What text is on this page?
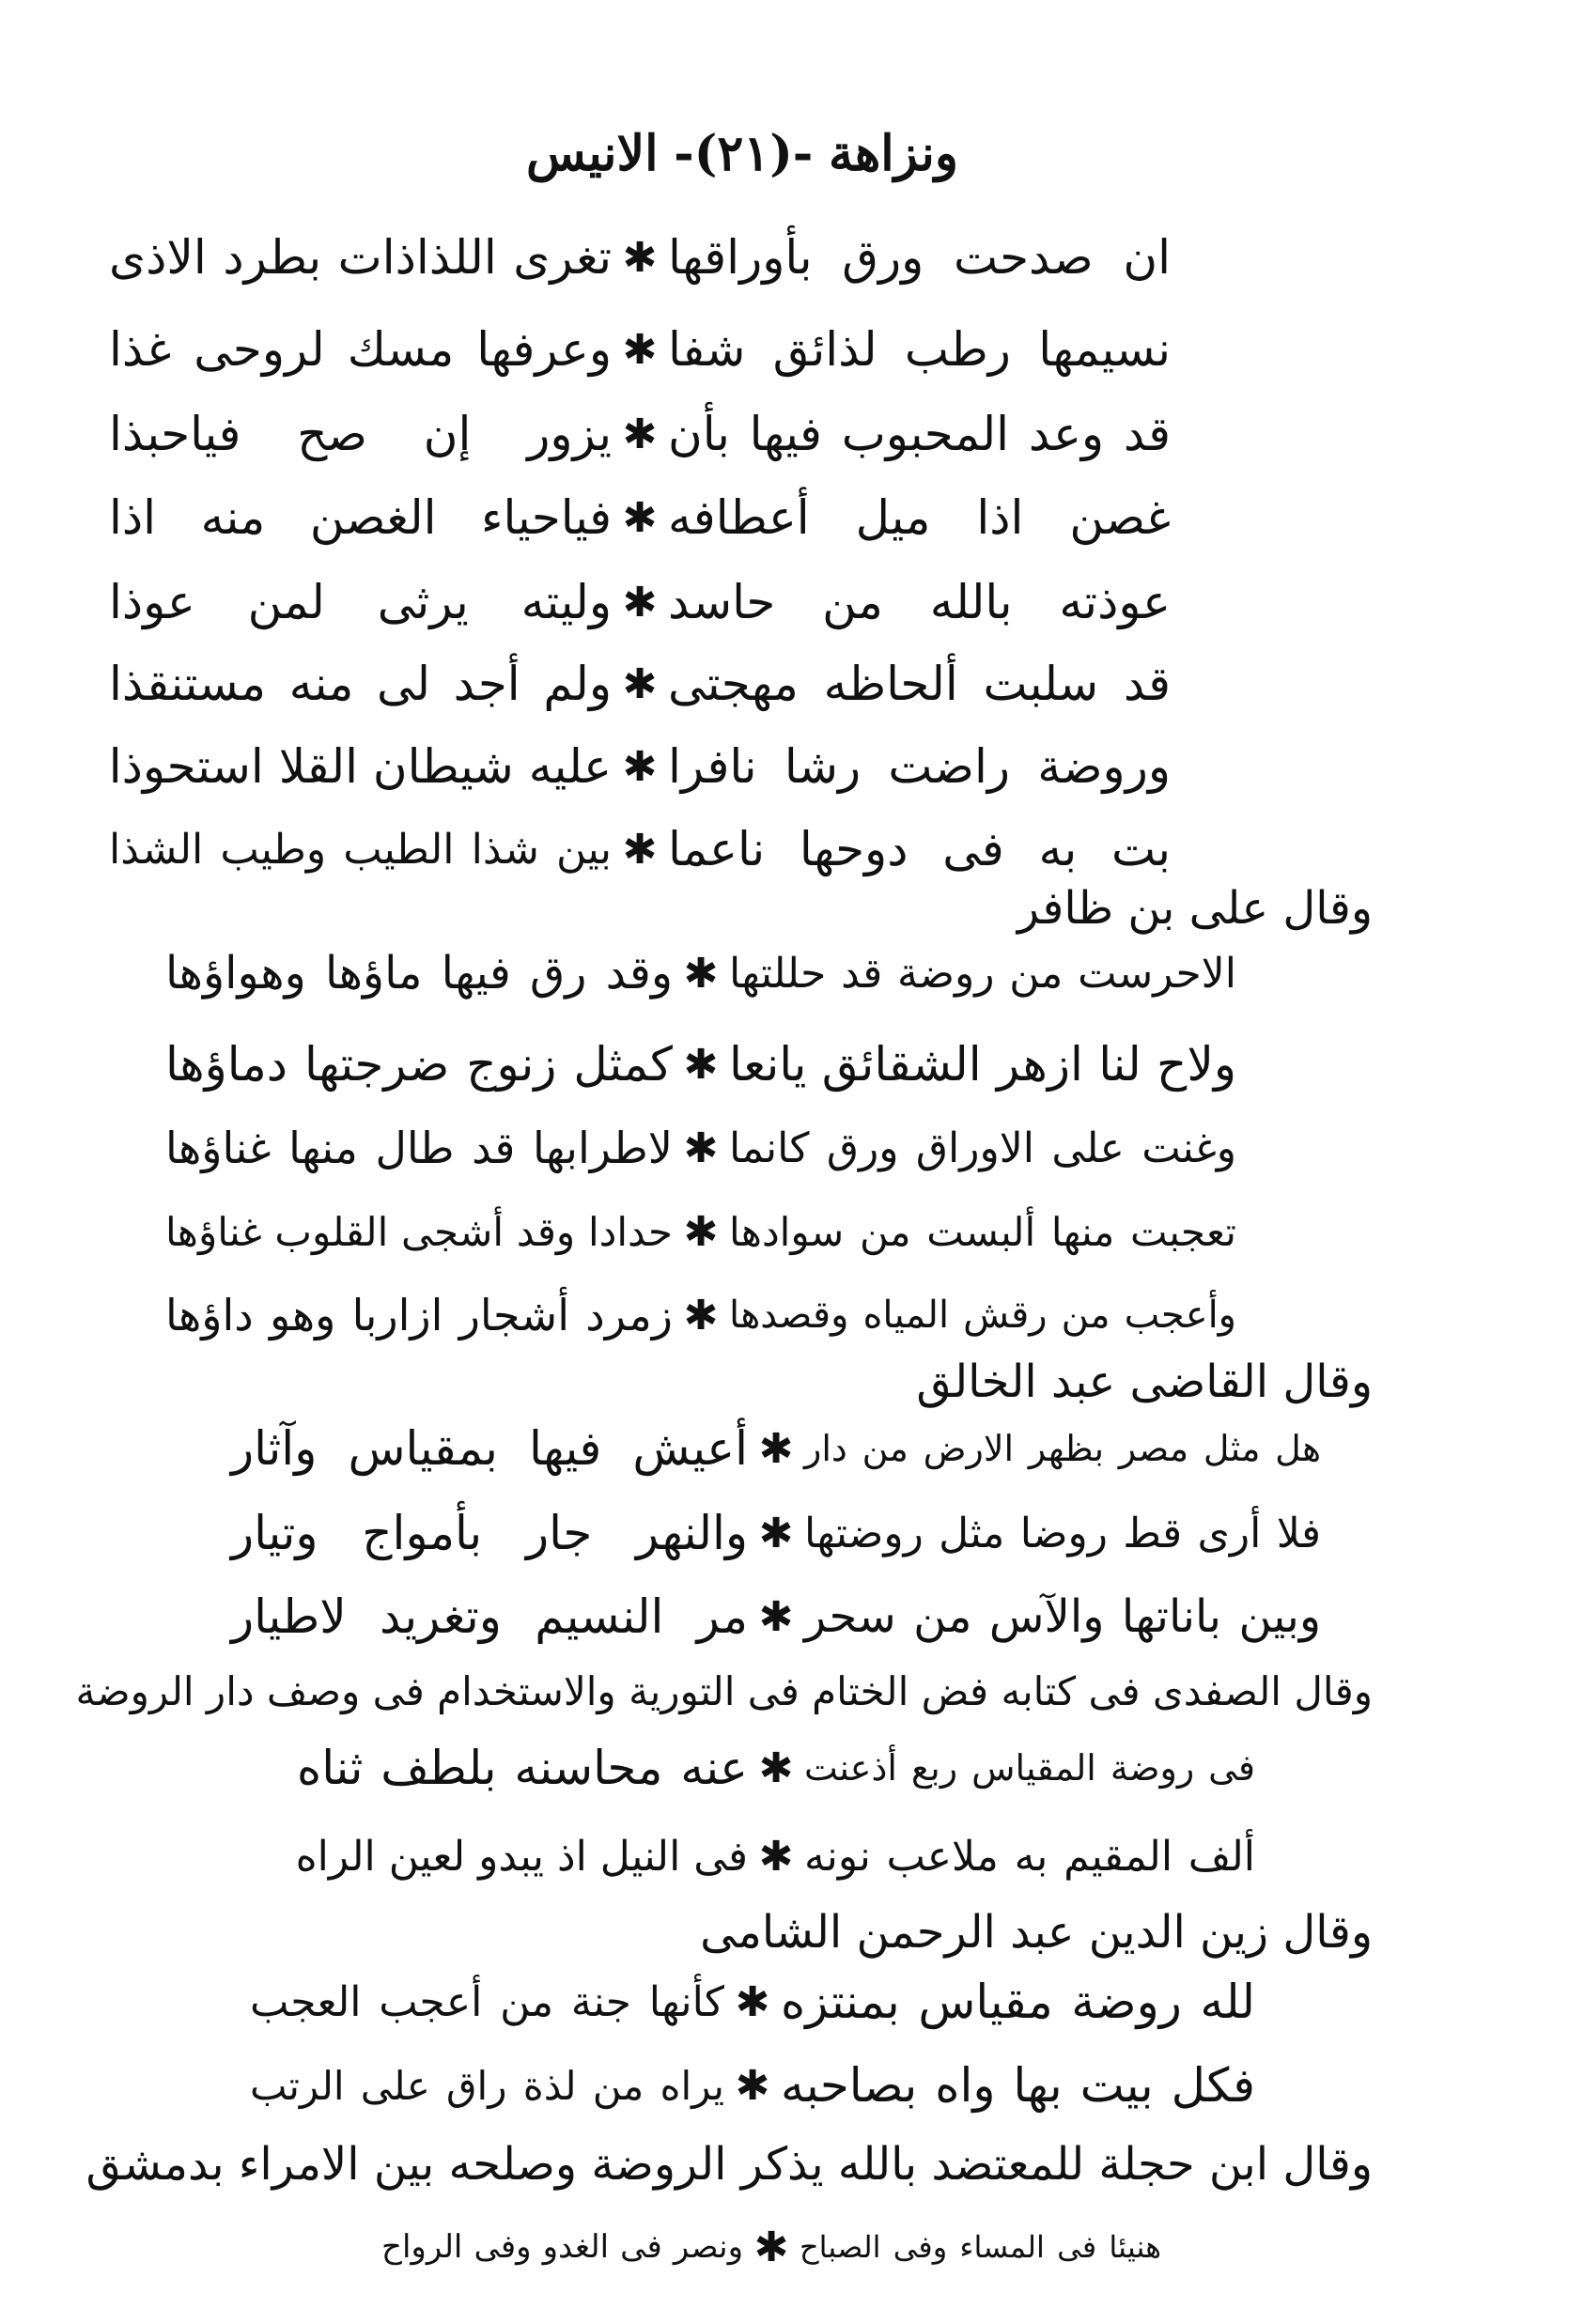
ونزاهة
-(٢١)-
الانيس
ان صدحت ورق بأوراقها
✱
تغرى اللذاذات بطرد الاذى
نسيمها رطب لذائق شفا
✱
وعرفها مسك لروحى غذا
قد وعد المحبوب فيها بأن
✱
يزور إن صح فياحبذا
غصن اذا ميل أعطافه
✱
فياحياء الغصن منه اذا
عوذته بالله من حاسد
✱
وليته يرثى لمن عوذا
قد سلبت ألحاظه مهجتى
✱
ولم أجد لى منه مستنقذا
وروضة راضت رشا نافرا
✱
عليه شيطان القلا استحوذا
بت به فى دوحها ناعما
✱
بين شذا الطيب وطيب الشذا
وقال على بن ظافر
الاحرست من روضة قد حللتها
✱
وقد رق فيها ماؤها وهواؤها
ولاح لنا ازهر الشقائق يانعا
✱
كمثل زنوج ضرجتها دماؤها
وغنت على الاوراق ورق كانما
✱
لاطرابها قد طال منها غناؤها
تعجبت منها ألبست من سوادها
✱
حدادا وقد أشجى القلوب غناؤها
وأعجب من رقش المياه وقصدها
✱
زمرد أشجار ازاربا وهو داؤها
وقال القاضى عبد الخالق
هل مثل مصر بظهر الارض من دار
✱
أعيش فيها بمقياس وآثار
فلا أرى قط روضا مثل روضتها
✱
والنهر جار بأمواج وتيار
وبين باناتها والآس من سحر
✱
مر النسيم وتغريد لاطيار
وقال الصفدى فى كتابه فض الختام فى التورية والاستخدام فى وصف دار الروضة
فى روضة المقياس ربع أذعنت
✱
عنه محاسنه بلطف ثناه
ألف المقيم به ملاعب نونه
✱
فى النيل اذ يبدو لعين الراه
وقال زين الدين عبد الرحمن الشامى
لله روضة مقياس بمنتزه
✱
كأنها جنة من أعجب العجب
فكل بيت بها واه بصاحبه
✱
يراه من لذة راق على الرتب
وقال ابن حجلة للمعتضد بالله يذكر الروضة وصلحه بين الامراء بدمشق
هنيئا فى المساء وفى الصباح
✱
ونصر فى الغدو وفى الرواح
